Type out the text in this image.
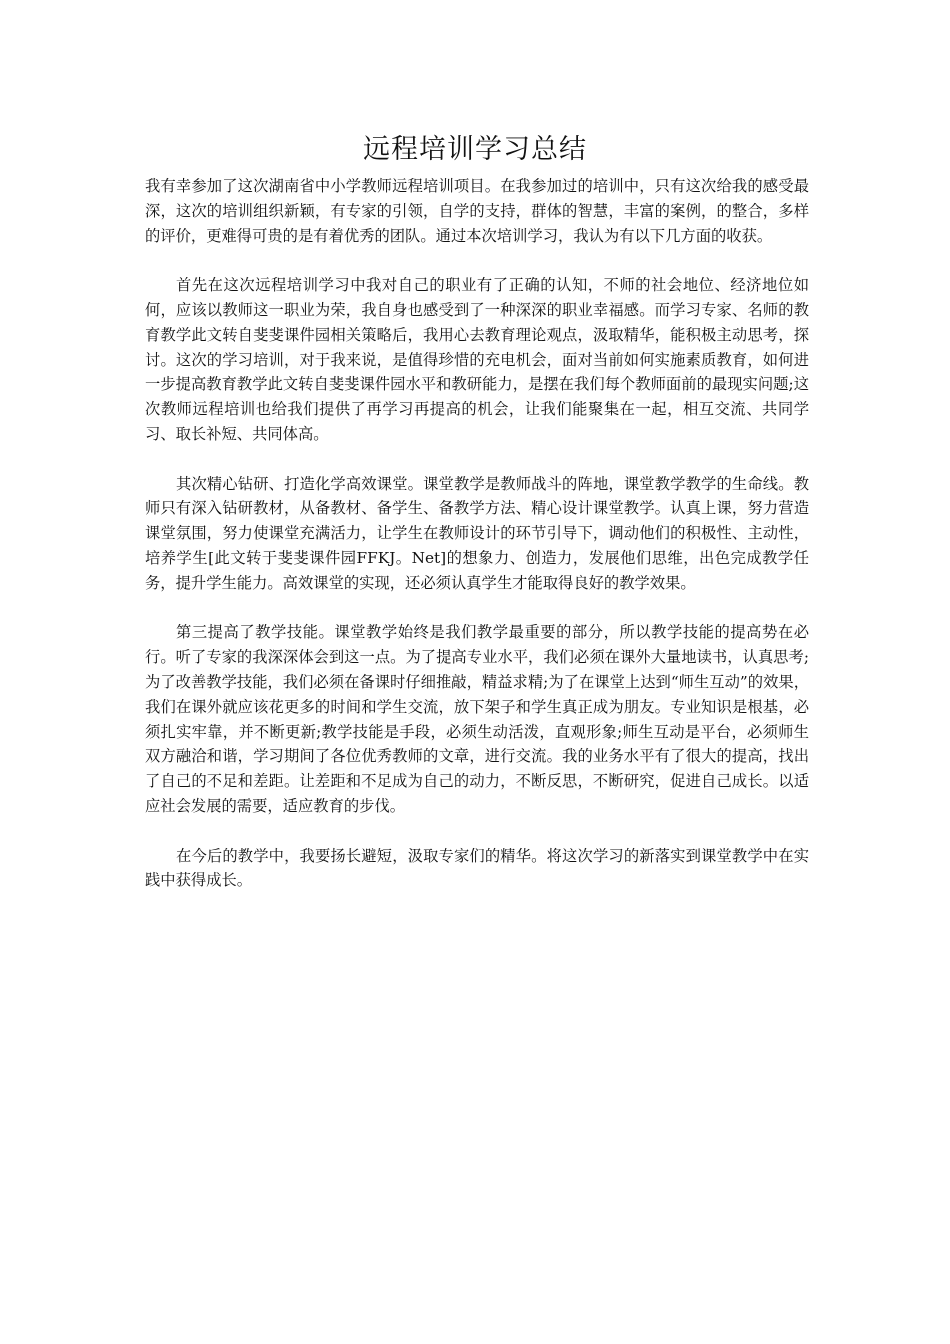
远程培训学习总结

我有幸参加了这次湖南省中小学教师远程培训项目。在我参加过的培训中，只有这次给我的感受最深，这次的培训组织新颖，有专家的引领，自学的支持，群体的智慧，丰富的案例，的整合，多样的评价，更难得可贵的是有着优秀的团队。通过本次培训学习，我认为有以下几方面的收获。

首先在这次远程培训学习中我对自己的职业有了正确的认知，不师的社会地位、经济地位如何，应该以教师这一职业为荣，我自身也感受到了一种深深的职业幸福感。而学习专家、名师的教育教学此文转自斐斐课件园相关策略后，我用心去教育理论观点，汲取精华，能积极主动思考，探讨。这次的学习培训，对于我来说，是值得珍惜的充电机会，面对当前如何实施素质教育，如何进一步提高教育教学此文转自斐斐课件园水平和教研能力，是摆在我们每个教师面前的最现实问题;这次教师远程培训也给我们提供了再学习再提高的机会，让我们能聚集在一起，相互交流、共同学习、取长补短、共同体高。

其次精心钻研、打造化学高效课堂。课堂教学是教师战斗的阵地，课堂教学教学的生命线。教师只有深入钻研教材，从备教材、备学生、备教学方法、精心设计课堂教学。认真上课，努力营造课堂氛围，努力使课堂充满活力，让学生在教师设计的环节引导下，调动他们的积极性、主动性，培养学生[此文转于斐斐课件园FFKJ。Net]的想象力、创造力，发展他们思维，出色完成教学任务，提升学生能力。高效课堂的实现，还必须认真学生才能取得良好的教学效果。

第三提高了教学技能。课堂教学始终是我们教学最重要的部分，所以教学技能的提高势在必行。听了专家的我深深体会到这一点。为了提高专业水平，我们必须在课外大量地读书，认真思考;为了改善教学技能，我们必须在备课时仔细推敲，精益求精;为了在课堂上达到“师生互动”的效果，我们在课外就应该花更多的时间和学生交流，放下架子和学生真正成为朋友。专业知识是根基，必须扎实牢靠，并不断更新;教学技能是手段，必须生动活泼，直观形象;师生互动是平台，必须师生双方融洽和谐，学习期间了各位优秀教师的文章，进行交流。我的业务水平有了很大的提高，找出了自己的不足和差距。让差距和不足成为自己的动力，不断反思，不断研究，促进自己成长。以适应社会发展的需要，适应教育的步伐。

在今后的教学中，我要扬长避短，汲取专家们的精华。将这次学习的新落实到课堂教学中在实践中获得成长。
